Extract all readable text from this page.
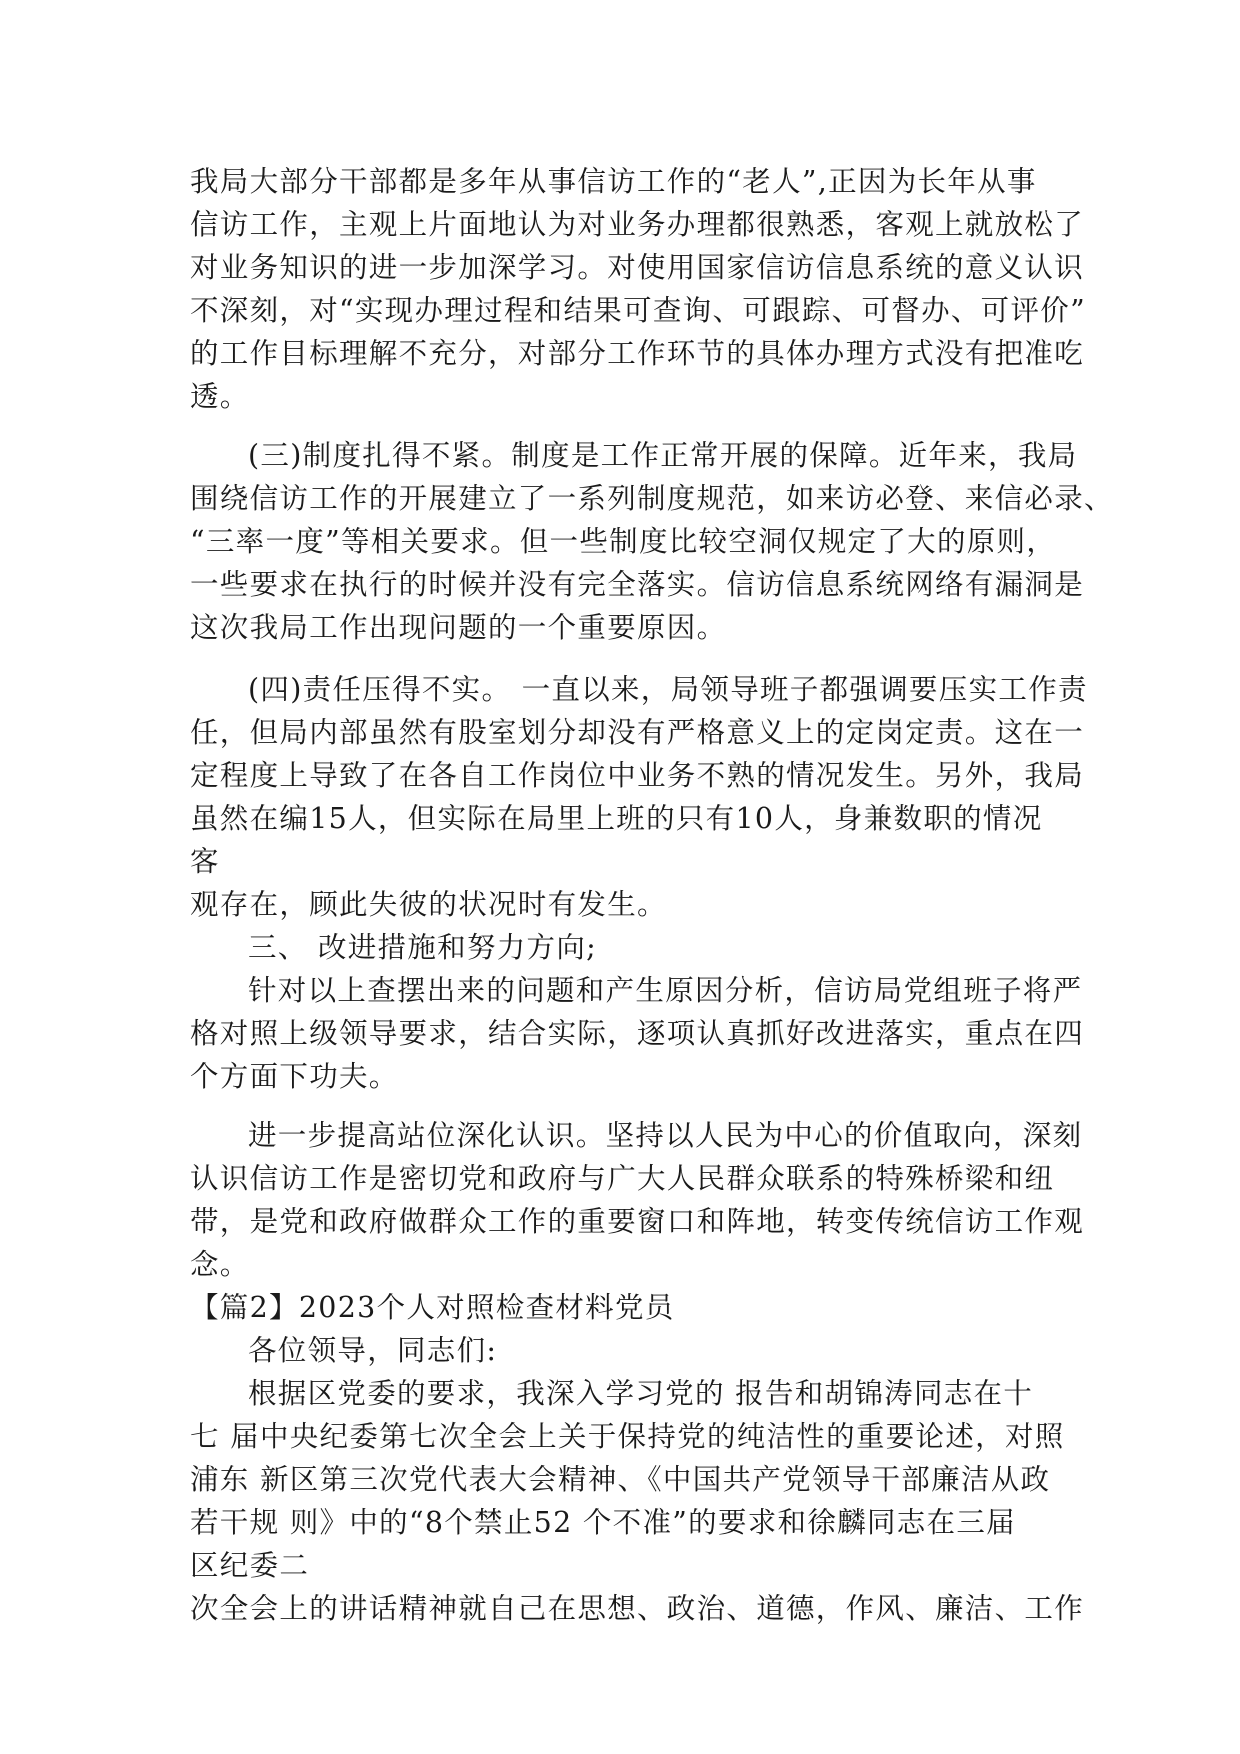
我局大部分干部都是多年从事信访工作的“老人”,正因为长年从事
信访工作，主观上片面地认为对业务办理都很熟悉，客观上就放松了
对业务知识的进一步加深学习。对使用国家信访信息系统的意义认识
不深刻，对“实现办理过程和结果可查询、可跟踪、可督办、可评价”
的工作目标理解不充分，对部分工作环节的具体办理方式没有把准吃
透。
(三)制度扎得不紧。制度是工作正常开展的保障。近年来，我局
围绕信访工作的开展建立了一系列制度规范，如来访必登、来信必录、
“三率一度”等相关要求。但一些制度比较空洞仅规定了大的原则，
一些要求在执行的时候并没有完全落实。信访信息系统网络有漏洞是
这次我局工作出现问题的一个重要原因。
(四)责任压得不实。 一直以来，局领导班子都强调要压实工作责
任，但局内部虽然有股室划分却没有严格意义上的定岗定责。这在一
定程度上导致了在各自工作岗位中业务不熟的情况发生。另外，我局
虽然在编15人，但实际在局里上班的只有10人，身兼数职的情况
客
观存在，顾此失彼的状况时有发生。
三、 改进措施和努力方向;
针对以上查摆出来的问题和产生原因分析，信访局党组班子将严
格对照上级领导要求，结合实际，逐项认真抓好改进落实，重点在四
个方面下功夫。
进一步提高站位深化认识。坚持以人民为中心的价值取向，深刻
认识信访工作是密切党和政府与广大人民群众联系的特殊桥梁和纽
带，是党和政府做群众工作的重要窗口和阵地，转变传统信访工作观
念。
【篇2】2023个人对照检查材料党员
各位领导，同志们:
根据区党委的要求，我深入学习党的 报告和胡锦涛同志在十
七 届中央纪委第七次全会上关于保持党的纯洁性的重要论述，对照
浦东 新区第三次党代表大会精神、《中国共产党领导干部廉洁从政
若干规 则》中的“8个禁止52 个不准”的要求和徐麟同志在三届
区纪委二
次全会上的讲话精神就自己在思想、政治、道德，作风、廉洁、工作
